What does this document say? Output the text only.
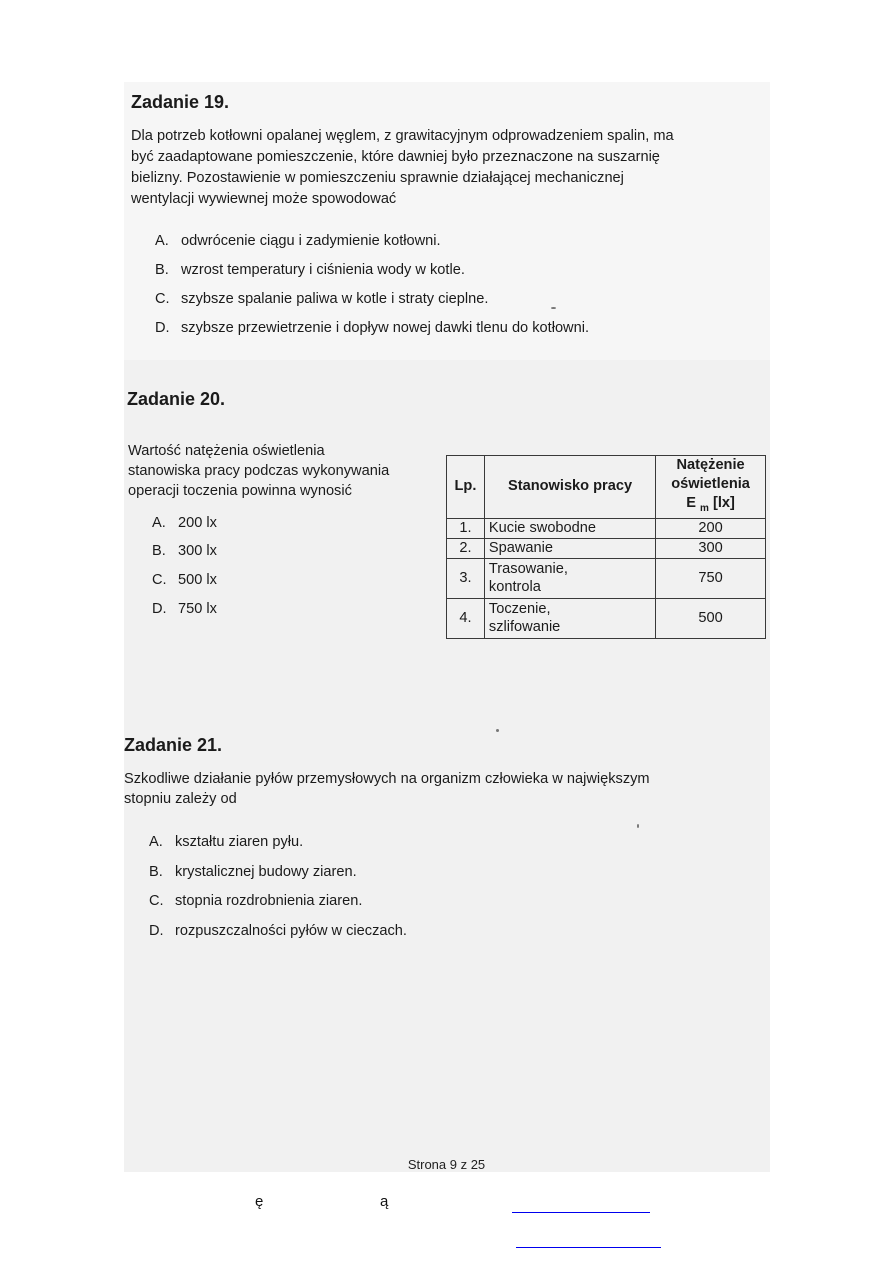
Zadanie 19.

Dla potrzeb kotłowni opalanej węglem, z grawitacyjnym odprowadzeniem spalin, ma

być zaadaptowane pomieszczenie, które dawniej było przeznaczone na suszarnię

bielizny. Pozostawienie w pomieszczeniu sprawnie działającej mechanicznej

wentylacji wywiewnej może spowodować

A. odwrócenie ciągu i zadymienie kotłowni.
B. wzrost temperatury i ciśnienia wody w kotle.
C. szybsze spalanie paliwa w kotle i straty cieplne.
D. szybsze przewietrzenie i dopływ nowej dawki tlenu do kotłowni.
Zadanie 20.

Wartość natężenia oświetlenia

stanowiska pracy podczas wykonywania

operacji toczenia powinna wynosić

A. 200 lx
B. 300 lx
C. 500 lx
D. 750 lx
Lp.	Stanowisko pracy	Natężenie
oświetlenia
E $_m$ [lx]

1.	Kucie swobodne	200
2.	Spawanie	300
3.	Trasowanie,
kontrola	750
4.	Toczenie,
szlifowanie	500
Zadanie 21.

Szkodliwe działanie pyłów przemysłowych na organizm człowieka w największym

stopniu zależy od

A. kształtu ziaren pyłu.
B. krystalicznej budowy ziaren.
C. stopnia rozdrobnienia ziaren.
D. rozpuszczalności pyłów w cieczach.
Strona 9 z 25
ę	ą
